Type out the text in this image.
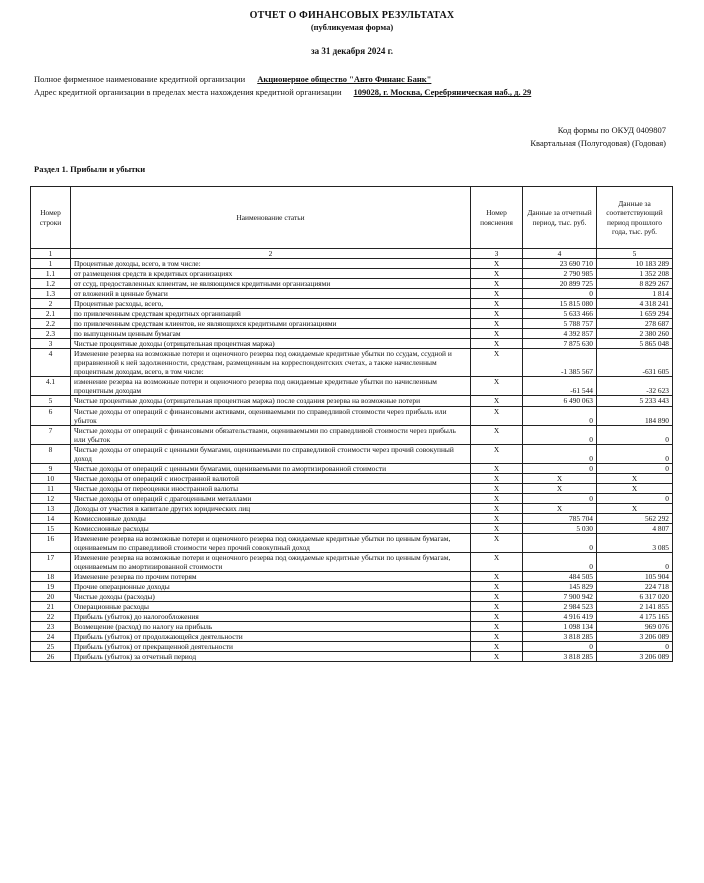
ОТЧЕТ О ФИНАНСОВЫХ РЕЗУЛЬТАТАХ
(публикуемая форма)
за 31 декабря 2024 г.
Полное фирменное наименование кредитной организации Акционерное общество "Авто Финанс Банк"
Адрес кредитной организации в пределах места нахождения кредитной организации 109028, г. Москва, Серебряническая наб., д. 29
Код формы по ОКУД 0409807
Квартальная (Полугодовая) (Годовая)
Раздел 1. Прибыли и убытки
Номер строки	Наименование статьи	Номер пояснения	Данные за отчетный период, тыс. руб.	Данные за соответствующий период прошлого года, тыс. руб.
1	2	3	4	5
1	Процентные доходы, всего, в том числе:	X	23 690 710	10 183 289
1.1	от размещения средств в кредитных организациях	X	2 790 985	1 352 208
1.2	от ссуд, предоставленных клиентам, не являющимся кредитными организациями	X	20 899 725	8 829 267
1.3	от вложений в ценные бумаги	X	0	1 814
2	Процентные расходы, всего,	X	15 815 080	4 318 241
2.1	по привлеченным средствам кредитных организаций	X	5 633 466	1 659 294
2.2	по привлеченным средствам клиентов, не являющихся кредитными организациями	X	5 788 757	278 687
2.3	по выпущенным ценным бумагам	X	4 392 857	2 380 260
3	Чистые процентные доходы (отрицательная процентная маржа)	X	7 875 630	5 865 048
4	Изменение резерва на возможные потери и оценочного резерва под ожидаемые кредитные убытки по ссудам, ссудной и приравненной к ней задолженности, средствам, размещенным на корреспондентских счетах, а также начисленным процентным доходам, всего, в том числе:	X	-1 385 567	-631 605
4.1	изменение резерва на возможные потери и оценочного резерва под ожидаемые кредитные убытки по начисленным процентным доходам	X	-61 544	-32 623
5	Чистые процентные доходы (отрицательная процентная маржа) после создания резерва на возможные потери	X	6 490 063	5 233 443
6	Чистые доходы от операций с финансовыми активами, оцениваемыми по справедливой стоимости через прибыль или убыток	X	0	184 890
7	Чистые доходы от операций с финансовыми обязательствами, оцениваемыми по справедливой стоимости через прибыль или убыток	X	0	0
8	Чистые доходы от операций с ценными бумагами, оцениваемыми по справедливой стоимости через прочий совокупный доход	X	0	0
9	Чистые доходы от операций с ценными бумагами, оцениваемыми по амортизированной стоимости	X	0	0
10	Чистые доходы от операций с иностранной валютой	X	X	X
11	Чистые доходы от переоценки иностранной валюты	X	X	X
12	Чистые доходы от операций с драгоценными металлами	X	0	0
13	Доходы от участия в капитале других юридических лиц	X	X	X
14	Комиссионные доходы	X	785 704	562 292
15	Комиссионные расходы	X	5 030	4 807
16	Изменение резерва на возможные потери и оценочного резерва под ожидаемые кредитные убытки по ценным бумагам, оцениваемым по справедливой стоимости через прочий совокупный доход	X	0	3 085
17	Изменение резерва на возможные потери и оценочного резерва под ожидаемые кредитные убытки по ценным бумагам, оцениваемым по амортизированной стоимости	X	0	0
18	Изменение резерва по прочим потерям	X	484 505	105 904
19	Прочие операционные доходы	X	145 829	224 718
20	Чистые доходы (расходы)	X	7 900 942	6 317 020
21	Операционные расходы	X	2 984 523	2 141 855
22	Прибыль (убыток) до налогообложения	X	4 916 419	4 175 165
23	Возмещение (расход) по налогу на прибыль	X	1 098 134	969 076
24	Прибыль (убыток) от продолжающейся деятельности	X	3 818 285	3 206 089
25	Прибыль (убыток) от прекращенной деятельности	X	0	0
26	Прибыль (убыток) за отчетный период	X	3 818 285	3 206 089
